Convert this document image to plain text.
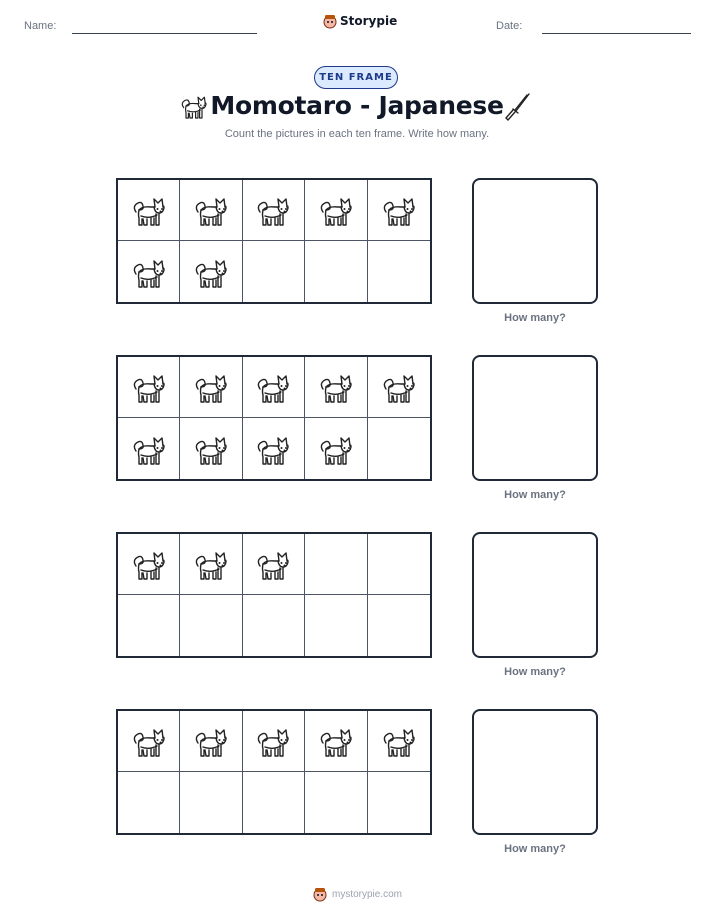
Name:	Storypie	Date:
TEN FRAME
Momotaro - Japanese
Count the pictures in each ten frame. Write how many.
How many?
How many?
How many?
How many?
mystorypie.com
